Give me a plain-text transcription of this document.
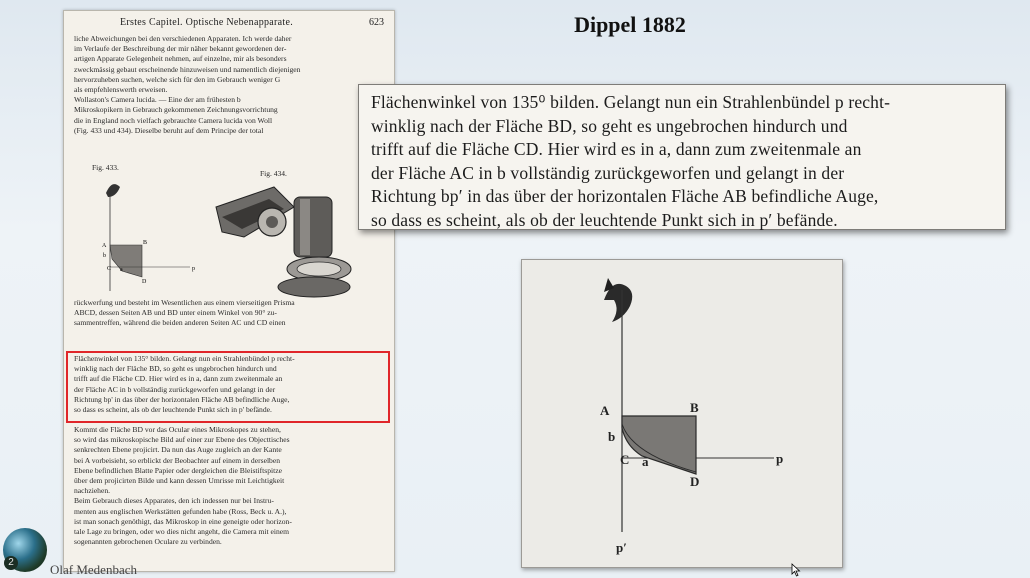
Dippel 1882
Erstes Capitel. Optische Nebenapparate.	623
liche Abweichungen bei den verschiedenen Apparaten. Ich werde daher
im Verlaufe der Beschreibung der mir näher bekannt gewordenen der-
artigen Apparate Gelegenheit nehmen, auf einzelne, mir als besonders
zweckmässig gebaut erscheinende hinzuweisen und namentlich diejenigen
hervorzuheben suchen, welche sich für den im Gebrauch weniger G
als empfehlenswerth erweisen.
Wollaston's Camera lucida. — Eine der am frühesten b
Mikroskopikern in Gebrauch gekommenen Zeichnungsvorrichtung
die in England noch vielfach gebrauchte Camera lucida von Woll
(Fig. 433 und 434). Dieselbe beruht auf dem Principe der total
Fig. 433.
Fig. 434.
A	B
b
C a
D
p
rückwerfung und besteht im Wesentlichen aus einem vierseitigen Prisma
ABCD, dessen Seiten AB und BD unter einem Winkel von 90° zu-
sammentreffen, während die beiden anderen Seiten AC und CD einen
Flächenwinkel von 135° bilden. Gelangt nun ein Strahlenbündel p recht-
winklig nach der Fläche BD, so geht es ungebrochen hindurch und
trifft auf die Fläche CD. Hier wird es in a, dann zum zweitenmale an
der Fläche AC in b vollständig zurückgeworfen und gelangt in der
Richtung bp' in das über der horizontalen Fläche AB befindliche Auge,
so dass es scheint, als ob der leuchtende Punkt sich in p' befände.
Kommt die Fläche BD vor das Ocular eines Mikroskopes zu stehen,
so wird das mikroskopische Bild auf einer zur Ebene des Objecttisches
senkrechten Ebene projicirt. Da nun das Auge zugleich an der Kante
bei A vorbeisieht, so erblickt der Beobachter auf einem in derselben
Ebene befindlichen Blatte Papier oder dergleichen die Bleistiftspitze
über dem projicirten Bilde und kann dessen Umrisse mit Leichtigkeit
nachziehen.
Beim Gebrauch dieses Apparates, den ich indessen nur bei Instru-
menten aus englischen Werkstätten gefunden habe (Ross, Beck u. A.),
ist man sonach genöthigt, das Mikroskop in eine geneigte oder horizon-
tale Lage zu bringen, oder wo dies nicht angeht, die Camera mit einem
sogenannten gebrochenen Oculare zu verbinden.
Flächenwinkel von 135⁰ bilden. Gelangt nun ein Strahlenbündel p recht-
winklig nach der Fläche BD, so geht es ungebrochen hindurch und
trifft auf die Fläche CD. Hier wird es in a, dann zum zweitenmale an
der Fläche AC in b vollständig zurückgeworfen und gelangt in der
Richtung bp′ in das über der horizontalen Fläche AB befindliche Auge,
so dass es scheint, als ob der leuchtende Punkt sich in p′ befände.
A	B
b
C a
D
p
p′
2	Olaf Medenbach
